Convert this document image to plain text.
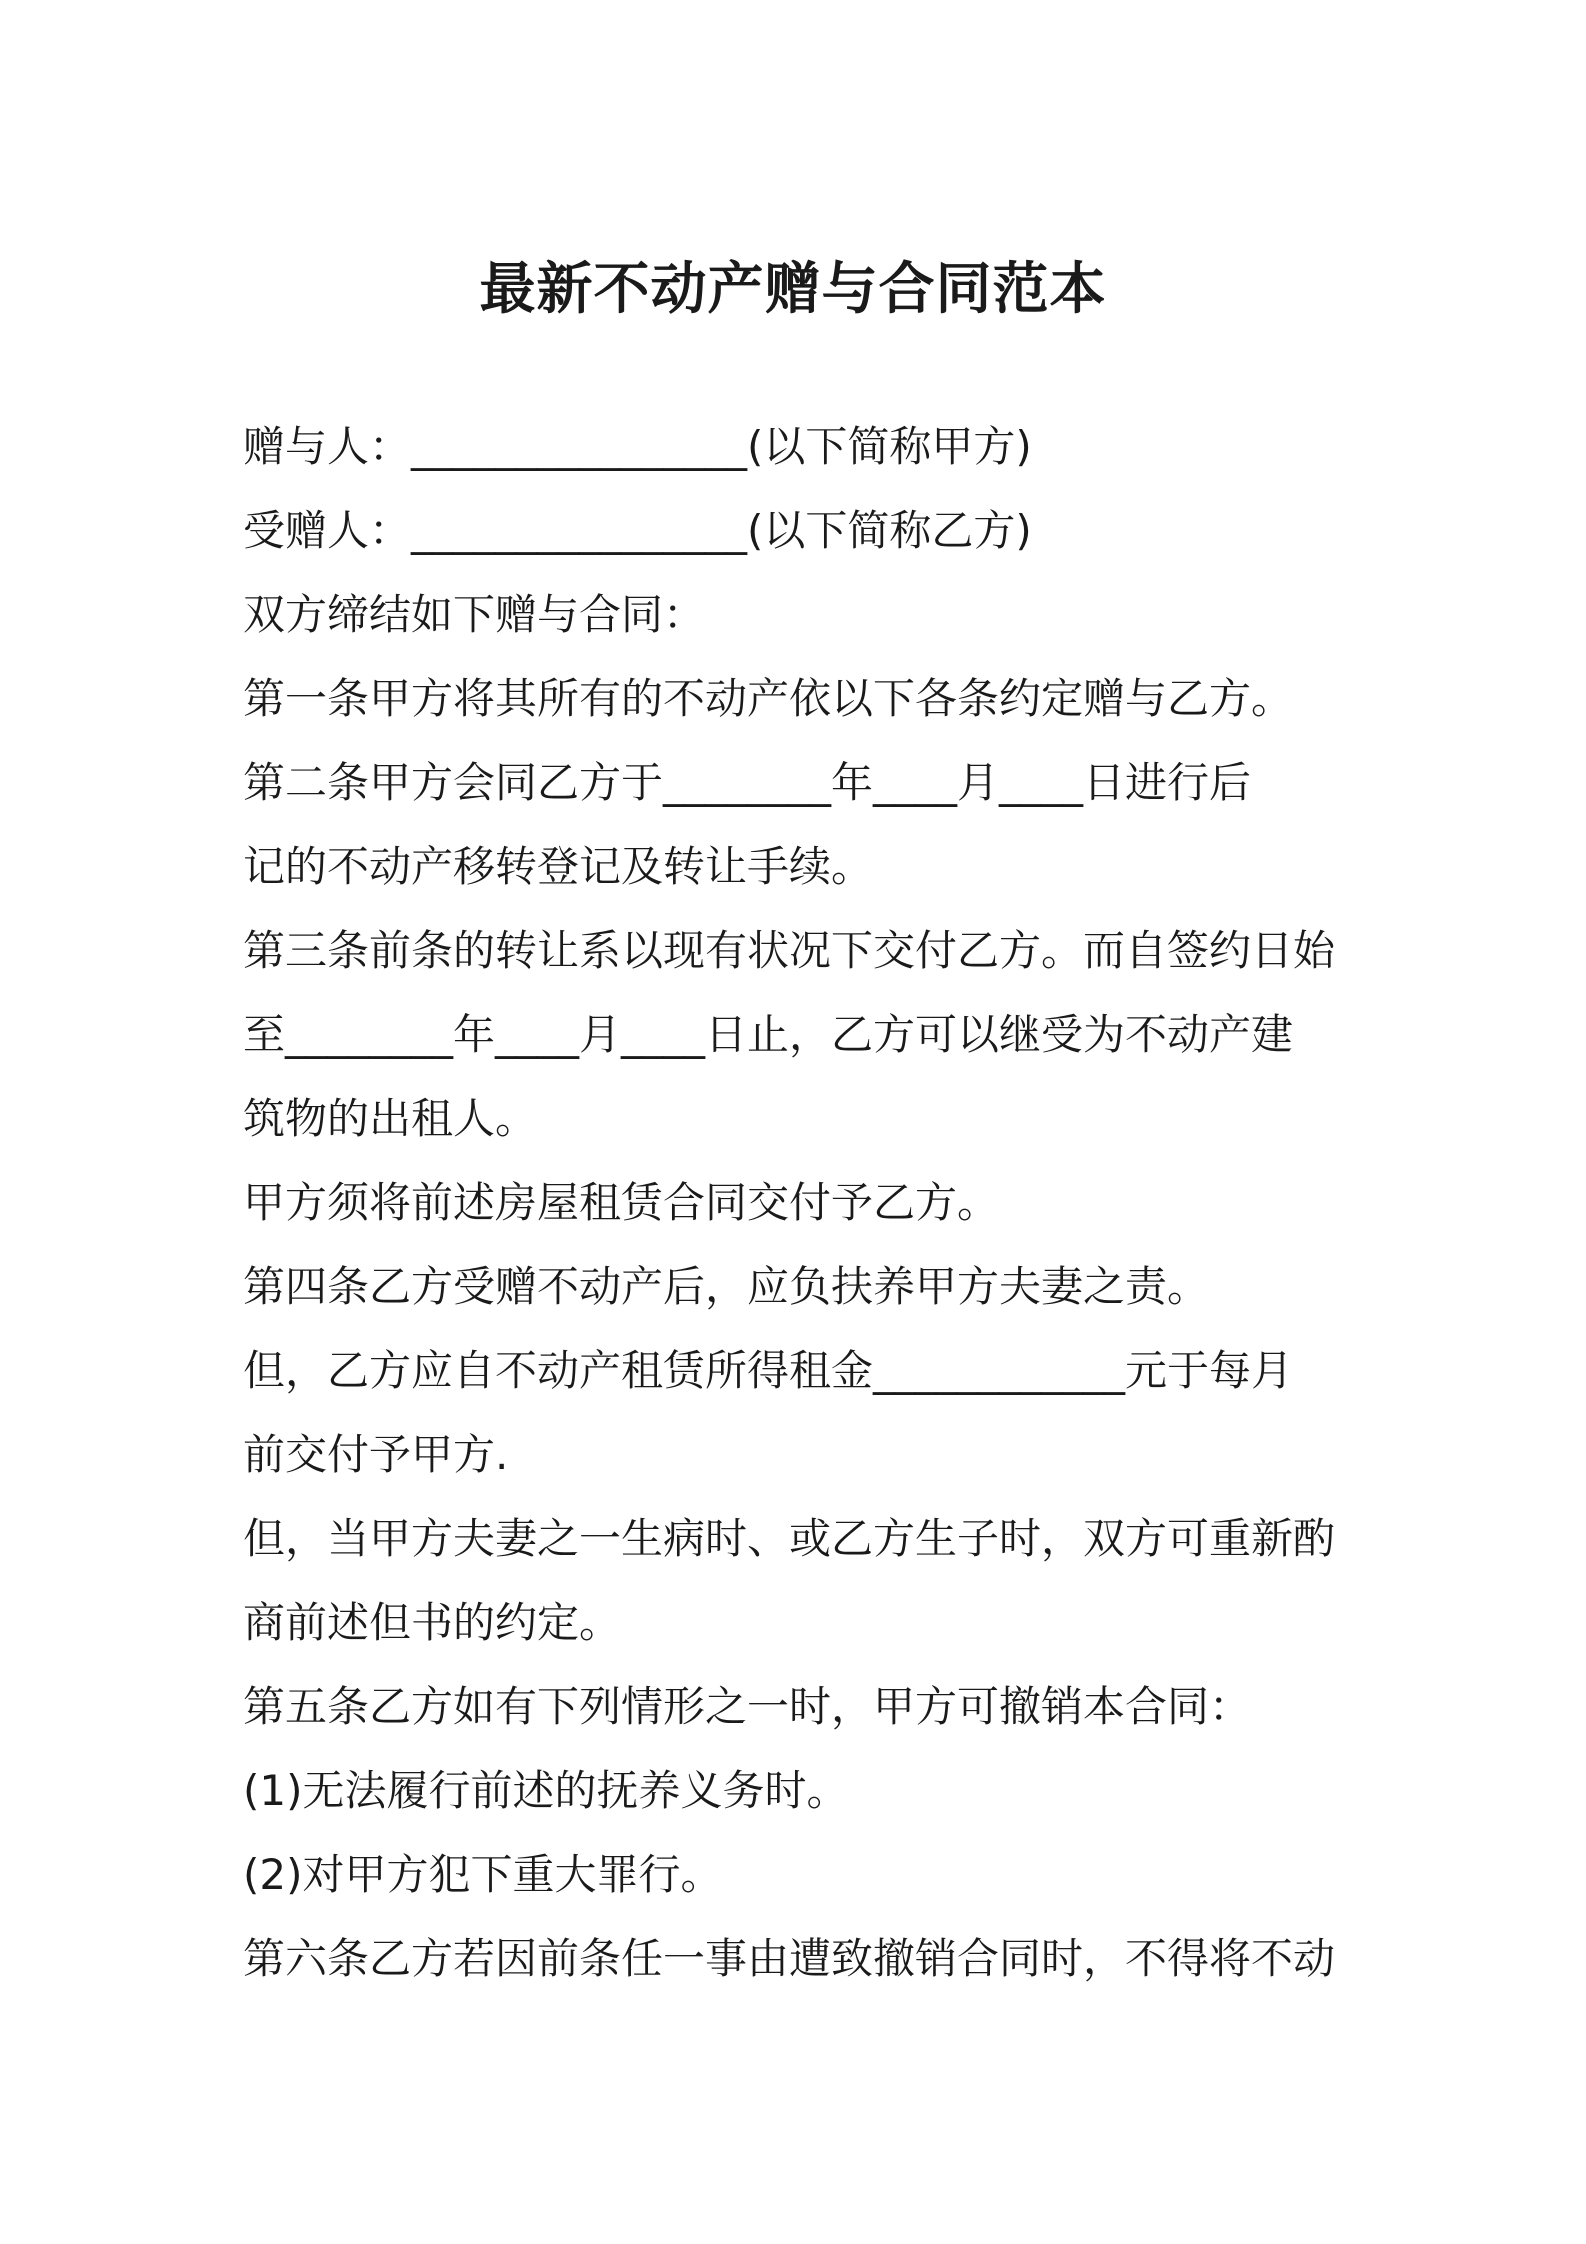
最新不动产赠与合同范本
赠与人：________________(以下简称甲方)
受赠人：________________(以下简称乙方)
双方缔结如下赠与合同：
第一条甲方将其所有的不动产依以下各条约定赠与乙方。
第二条甲方会同乙方于________年____月____日进行后
记的不动产移转登记及转让手续。
第三条前条的转让系以现有状况下交付乙方。而自签约日始
至________年____月____日止，乙方可以继受为不动产建
筑物的出租人。
甲方须将前述房屋租赁合同交付予乙方。
第四条乙方受赠不动产后，应负扶养甲方夫妻之责。
但，乙方应自不动产租赁所得租金____________元于每月
前交付予甲方.
但，当甲方夫妻之一生病时、或乙方生子时，双方可重新酌
商前述但书的约定。
第五条乙方如有下列情形之一时，甲方可撤销本合同：
(1)无法履行前述的抚养义务时。
(2)对甲方犯下重大罪行。
第六条乙方若因前条任一事由遭致撤销合同时，不得将不动
